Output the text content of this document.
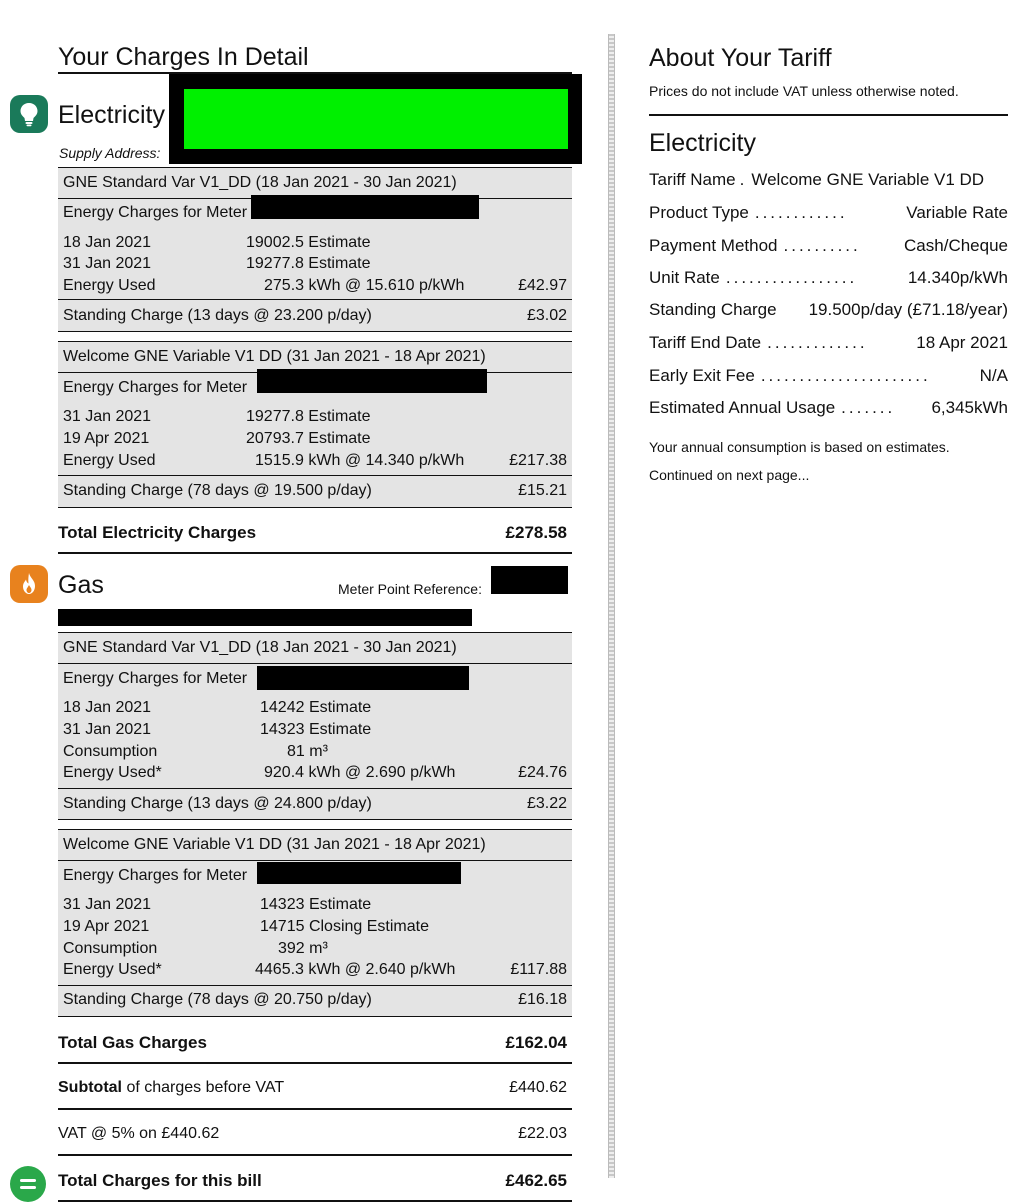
Your Charges In Detail
Electricity
Supply Address:
GNE Standard Var V1_DD (18 Jan 2021 - 30 Jan 2021)
Energy Charges for Meter
18 Jan 2021	19002.5 Estimate
31 Jan 2021	19277.8 Estimate
Energy Used	275.3 kWh @ 15.610 p/kWh	£42.97
Standing Charge (13 days @ 23.200 p/day)	£3.02
Welcome GNE Variable V1 DD (31 Jan 2021 - 18 Apr 2021)
Energy Charges for Meter
31 Jan 2021	19277.8 Estimate
19 Apr 2021	20793.7 Estimate
Energy Used	1515.9 kWh @ 14.340 p/kWh	£217.38
Standing Charge (78 days @ 19.500 p/day)	£15.21
Total Electricity Charges	£278.58
Gas	Meter Point Reference:
GNE Standard Var V1_DD (18 Jan 2021 - 30 Jan 2021)
Energy Charges for Meter
18 Jan 2021	14242 Estimate
31 Jan 2021	14323 Estimate
Consumption	81 m³
Energy Used*	920.4 kWh @ 2.690 p/kWh	£24.76
Standing Charge (13 days @ 24.800 p/day)	£3.22
Welcome GNE Variable V1 DD (31 Jan 2021 - 18 Apr 2021)
Energy Charges for Meter
31 Jan 2021	14323 Estimate
19 Apr 2021	14715 Closing Estimate
Consumption	392 m³
Energy Used*	4465.3 kWh @ 2.640 p/kWh	£117.88
Standing Charge (78 days @ 20.750 p/day)	£16.18
Total Gas Charges	£162.04
Subtotal of charges before VAT	£440.62
VAT @ 5% on £440.62	£22.03
Total Charges for this bill	£462.65
About Your Tariff
Prices do not include VAT unless otherwise noted.
Electricity
Tariff Name . Welcome GNE Variable V1 DD
Product Type ............	Variable Rate
Payment Method ..........	Cash/Cheque
Unit Rate .................	14.340p/kWh
Standing Charge 19.500p/day (£71.18/year)
Tariff End Date .............	18 Apr 2021
Early Exit Fee ......................	N/A
Estimated Annual Usage .......	6,345kWh
Your annual consumption is based on estimates.
Continued on next page...
